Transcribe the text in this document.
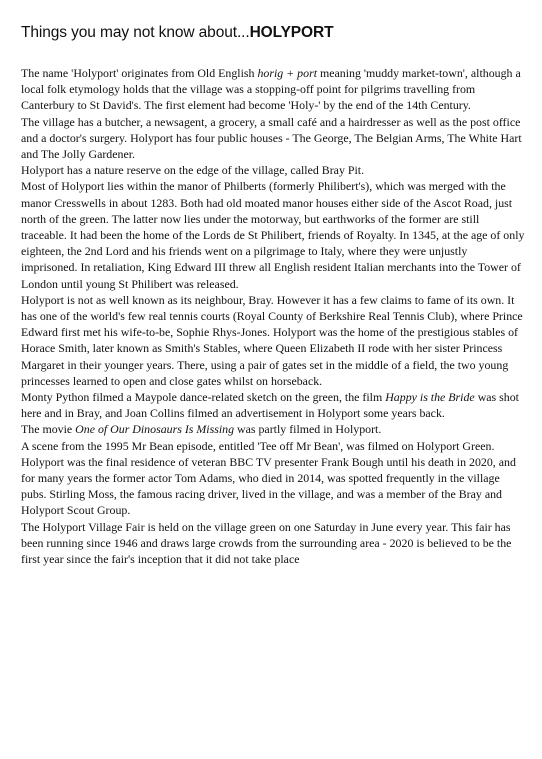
Things you may not know about...HOLYPORT

The name 'Holyport' originates from Old English horig + port meaning 'muddy market-town', although a local folk etymology holds that the village was a stopping-off point for pilgrims travelling from Canterbury to St David's. The first element had become 'Holy-' by the end of the 14th Century.

The village has a butcher, a newsagent, a grocery, a small café and a hairdresser as well as the post office and a doctor's surgery. Holyport has four public houses - The George, The Belgian Arms, The White Hart and The Jolly Gardener.

Holyport has a nature reserve on the edge of the village, called Bray Pit.

Most of Holyport lies within the manor of Philberts (formerly Philibert's), which was merged with the manor Cresswells in about 1283. Both had old moated manor houses either side of the Ascot Road, just north of the green. The latter now lies under the motorway, but earthworks of the former are still traceable. It had been the home of the Lords de St Philibert, friends of Royalty. In 1345, at the age of only eighteen, the 2nd Lord and his friends went on a pilgrimage to Italy, where they were unjustly imprisoned. In retaliation, King Edward III threw all English resident Italian merchants into the Tower of London until young St Philibert was released.

Holyport is not as well known as its neighbour, Bray. However it has a few claims to fame of its own. It has one of the world's few real tennis courts (Royal County of Berkshire Real Tennis Club), where Prince Edward first met his wife-to-be, Sophie Rhys-Jones. Holyport was the home of the prestigious stables of Horace Smith, later known as Smith's Stables, where Queen Elizabeth II rode with her sister Princess Margaret in their younger years. There, using a pair of gates set in the middle of a field, the two young princesses learned to open and close gates whilst on horseback.

Monty Python filmed a Maypole dance-related sketch on the green, the film Happy is the Bride was shot here and in Bray, and Joan Collins filmed an advertisement in Holyport some years back.

The movie One of Our Dinosaurs Is Missing was partly filmed in Holyport.

A scene from the 1995 Mr Bean episode, entitled 'Tee off Mr Bean', was filmed on Holyport Green.

Holyport was the final residence of veteran BBC TV presenter Frank Bough until his death in 2020, and for many years the former actor Tom Adams, who died in 2014, was spotted frequently in the village pubs. Stirling Moss, the famous racing driver, lived in the village, and was a member of the Bray and Holyport Scout Group.

The Holyport Village Fair is held on the village green on one Saturday in June every year. This fair has been running since 1946 and draws large crowds from the surrounding area - 2020 is believed to be the first year since the fair's inception that it did not take place
